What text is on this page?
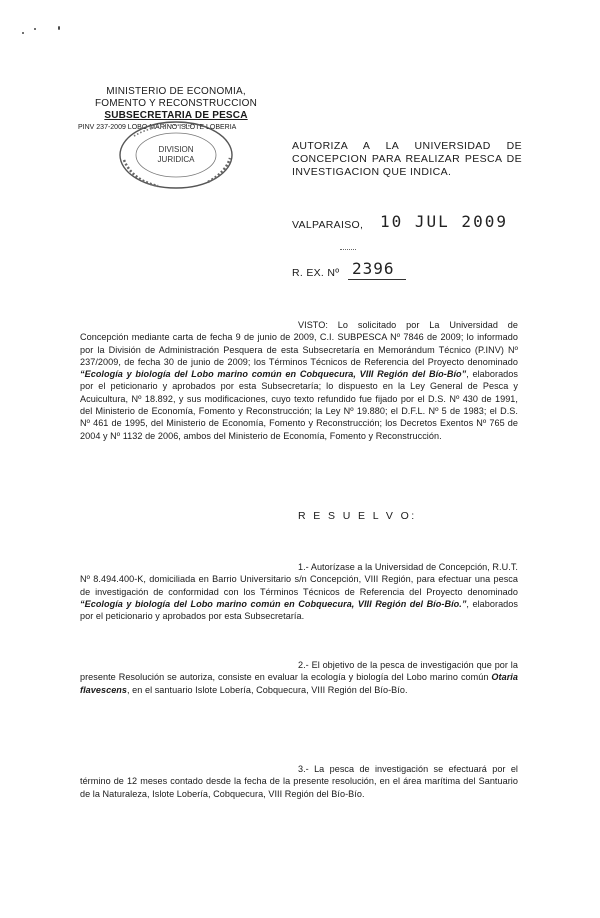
MINISTERIO DE ECONOMIA,
FOMENTO Y RECONSTRUCCION
SUBSECRETARIA DE PESCA
PINV 237-2009 LOBO MARINO ISLOTE LOBERIA
DIVISION
JURIDICA
AUTORIZA A LA UNIVERSIDAD DE CONCEPCION PARA REALIZAR PESCA DE INVESTIGACION QUE INDICA.
VALPARAISO, 10 JUL 2009
R. EX. Nº 2396
VISTO: Lo solicitado por La Universidad de Concepción mediante carta de fecha 9 de junio de 2009, C.I. SUBPESCA Nº 7846 de 2009; lo informado por la División de Administración Pesquera de esta Subsecretaría en Memorándum Técnico (P.INV) Nº 237/2009, de fecha 30 de junio de 2009; los Términos Técnicos de Referencia del Proyecto denominado “Ecología y biología del Lobo marino común en Cobquecura, VIII Región del Bío-Bío”, elaborados por el peticionario y aprobados por esta Subsecretaría; lo dispuesto en la Ley General de Pesca y Acuicultura, Nº 18.892, y sus modificaciones, cuyo texto refundido fue fijado por el D.S. Nº 430 de 1991, del Ministerio de Economía, Fomento y Reconstrucción; la Ley Nº 19.880; el D.F.L. Nº 5 de 1983; el D.S. Nº 461 de 1995, del Ministerio de Economía, Fomento y Reconstrucción; los Decretos Exentos Nº 765 de 2004 y Nº 1132 de 2006, ambos del Ministerio de Economía, Fomento y Reconstrucción.
R E S U E L V O:
1.- Autorízase a la Universidad de Concepción, R.U.T. Nº 8.494.400-K, domiciliada en Barrio Universitario s/n Concepción, VIII Región, para efectuar una pesca de investigación de conformidad con los Términos Técnicos de Referencia del Proyecto denominado “Ecología y biología del Lobo marino común en Cobquecura, VIII Región del Bío-Bío.”, elaborados por el peticionario y aprobados por esta Subsecretaría.
2.- El objetivo de la pesca de investigación que por la presente Resolución se autoriza, consiste en evaluar la ecología y biología del Lobo marino común Otaria flavescens, en el santuario Islote Lobería, Cobquecura, VIII Región del Bío-Bío.
3.- La pesca de investigación se efectuará por el término de 12 meses contado desde la fecha de la presente resolución, en el área marítima del Santuario de la Naturaleza, Islote Lobería, Cobquecura, VIII Región del Bío-Bío.
